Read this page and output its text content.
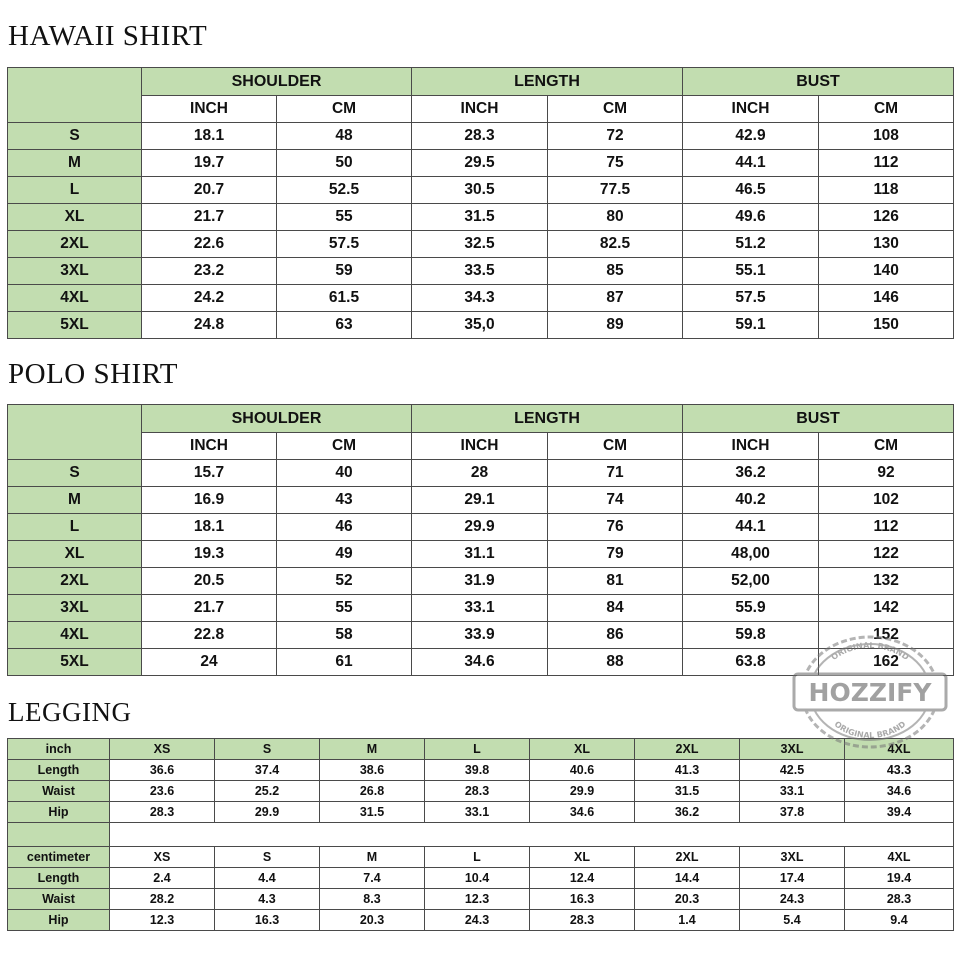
HAWAII SHIRT
	SHOULDER		LENGTH		BUST	
	INCH	CM	INCH	CM	INCH	CM
S	18.1	48	28.3	72	42.9	108
M	19.7	50	29.5	75	44.1	112
L	20.7	52.5	30.5	77.5	46.5	118
XL	21.7	55	31.5	80	49.6	126
2XL	22.6	57.5	32.5	82.5	51.2	130
3XL	23.2	59	33.5	85	55.1	140
4XL	24.2	61.5	34.3	87	57.5	146
5XL	24.8	63	35,0	89	59.1	150
POLO SHIRT
	SHOULDER		LENGTH		BUST	
	INCH	CM	INCH	CM	INCH	CM
S	15.7	40	28	71	36.2	92
M	16.9	43	29.1	74	40.2	102
L	18.1	46	29.9	76	44.1	112
XL	19.3	49	31.1	79	48,00	122
2XL	20.5	52	31.9	81	52,00	132
3XL	21.7	55	33.1	84	55.9	142
4XL	22.8	58	33.9	86	59.8	152
5XL	24	61	34.6	88	63.8	162
LEGGING
inch	XS	S	M	L	XL	2XL	3XL	4XL
Length	36.6	37.4	38.6	39.8	40.6	41.3	42.5	43.3
Waist	23.6	25.2	26.8	28.3	29.9	31.5	33.1	34.6
Hip	28.3	29.9	31.5	33.1	34.6	36.2	37.8	39.4

centimeter	XS	S	M	L	XL	2XL	3XL	4XL
Length	2.4	4.4	7.4	10.4	12.4	14.4	17.4	19.4
Waist	28.2	4.3	8.3	12.3	16.3	20.3	24.3	28.3
Hip	12.3	16.3	20.3	24.3	28.3	1.4	5.4	9.4
HOZZIFY
ORIGINAL BRAND
ORIGINAL BRAND
